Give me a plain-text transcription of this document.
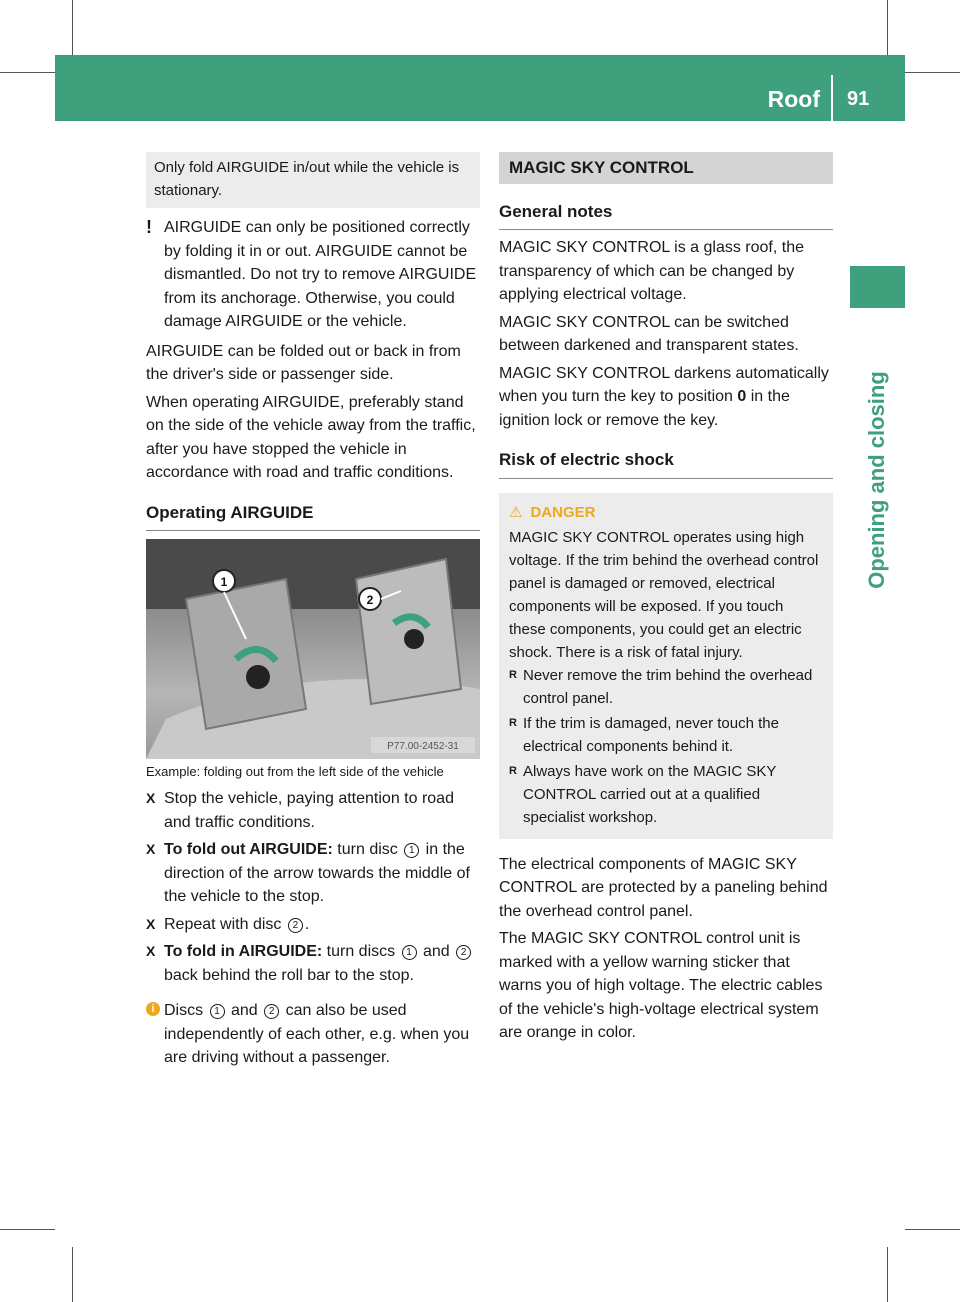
Roof 91
Opening and closing
Only fold AIRGUIDE in/out while the vehicle is stationary.
! AIRGUIDE can only be positioned correctly by folding it in or out. AIRGUIDE cannot be dismantled. Do not try to remove AIRGUIDE from its anchorage. Otherwise, you could damage AIRGUIDE or the vehicle.

AIRGUIDE can be folded out or back in from the driver's side or passenger side.

When operating AIRGUIDE, preferably stand on the side of the vehicle away from the traffic, after you have stopped the vehicle in accordance with road and traffic conditions.

Operating AIRGUIDE
1
2
P77.00-2452-31
Example: folding out from the left side of the vehicle
X Stop the vehicle, paying attention to road and traffic conditions.
X To fold out AIRGUIDE: turn disc 1 in the direction of the arrow towards the middle of the vehicle to the stop.
X Repeat with disc 2 .
X To fold in AIRGUIDE: turn discs 1 and 2 back behind the roll bar to the stop.
i Discs 1 and 2 can also be used independently of each other, e.g. when you are driving without a passenger.
MAGIC SKY CONTROL
General notes

MAGIC SKY CONTROL is a glass roof, the transparency of which can be changed by applying electrical voltage.

MAGIC SKY CONTROL can be switched between darkened and transparent states.

MAGIC SKY CONTROL darkens automatically when you turn the key to position 0 in the ignition lock or remove the key.

Risk of electric shock
⚠ DANGER
MAGIC SKY CONTROL operates using high voltage. If the trim behind the overhead control panel is damaged or removed, electrical components will be exposed. If you touch these components, you could get an electric shock. There is a risk of fatal injury.
R Never remove the trim behind the overhead control panel.
R If the trim is damaged, never touch the electrical components behind it.
R Always have work on the MAGIC SKY CONTROL carried out at a qualified specialist workshop.

The electrical components of MAGIC SKY CONTROL are protected by a paneling behind the overhead control panel.

The MAGIC SKY CONTROL control unit is marked with a yellow warning sticker that warns you of high voltage. The electric cables of the vehicle's high-voltage electrical system are orange in color.
